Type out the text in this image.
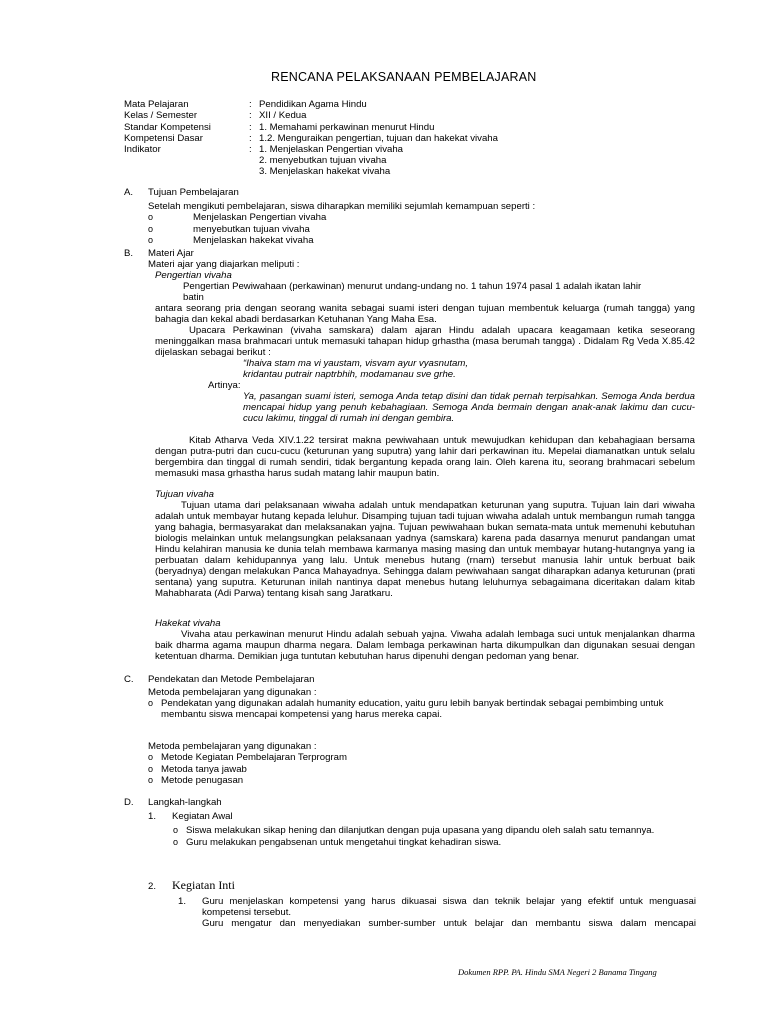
RENCANA PELAKSANAAN PEMBELAJARAN
Mata Pelajaran	: Pendidikan Agama Hindu
Kelas / Semester	: XII / Kedua
Standar Kompetensi	: 1. Memahami perkawinan menurut Hindu
Kompetensi Dasar	: 1.2. Menguraikan pengertian, tujuan dan hakekat vivaha
Indikator	: 1. Menjelaskan Pengertian vivaha
2. menyebutkan tujuan vivaha
3. Menjelaskan hakekat vivaha
A. Tujuan Pembelajaran
Setelah mengikuti pembelajaran, siswa diharapkan memiliki sejumlah kemampuan seperti :
o	Menjelaskan Pengertian vivaha
o	menyebutkan tujuan vivaha
o	Menjelaskan hakekat vivaha
B. Materi Ajar
Materi ajar yang diajarkan meliputi :
Pengertian vivaha
Pengertian Pewiwahaan (perkawinan) menurut undang-undang no. 1 tahun 1974 pasal 1 adalah ikatan lahir
batin
antara seorang pria dengan seorang wanita sebagai suami isteri dengan tujuan membentuk keluarga (rumah tangga) yang bahagia dan kekal abadi berdasarkan Ketuhanan Yang Maha Esa.
Upacara Perkawinan (vivaha samskara) dalam ajaran Hindu adalah upacara keagamaan ketika seseorang meninggalkan masa brahmacari untuk memasuki tahapan hidup grhastha (masa berumah tangga) . Didalam Rg Veda X.85.42 dijelaskan sebagai berikut :
“Ihaiva stam ma vi yaustam, visvam ayur vyasnutam,
kridantau putrair naptrbhih, modamanau sve grhe.
Artinya:
Ya, pasangan suami isteri, semoga Anda tetap disini dan tidak pernah terpisahkan. Semoga Anda berdua mencapai hidup yang penuh kebahagiaan. Semoga Anda bermain dengan anak-anak lakimu dan cucu-cucu lakimu, tinggal di rumah ini dengan gembira.
Kitab Atharva Veda XIV.1.22 tersirat makna pewiwahaan untuk mewujudkan kehidupan dan kebahagiaan bersama dengan putra-putri dan cucu-cucu (keturunan yang suputra) yang lahir dari perkawinan itu. Mepelai diamanatkan untuk selalu bergembira dan tinggal di rumah sendiri, tidak bergantung kepada orang lain. Oleh karena itu, seorang brahmacari sebelum memasuki masa grhastha harus sudah matang lahir maupun batin.
Tujuan vivaha
Tujuan utama dari pelaksanaan wiwaha adalah untuk mendapatkan keturunan yang suputra. Tujuan lain dari wiwaha adalah untuk membayar hutang kepada leluhur. Disamping tujuan tadi tujuan wiwaha adalah untuk membangun rumah tangga yang bahagia, bermasyarakat dan melaksanakan yajna. Tujuan pewiwahaan bukan semata-mata untuk memenuhi kebutuhan biologis melainkan untuk melangsungkan pelaksanaan yadnya (samskara) karena pada dasarnya menurut pandangan umat Hindu kelahiran manusia ke dunia telah membawa karmanya masing masing dan untuk membayar hutang-hutangnya yang ia perbuatan dalam kehidupannya yang lalu. Untuk menebus hutang (rnam) tersebut manusia lahir untuk berbuat baik (beryadnya) dengan melakukan Panca Mahayadnya. Sehingga dalam pewiwahaan sangat diharapkan adanya keturunan (prati sentana) yang suputra. Keturunan inilah nantinya dapat menebus hutang leluhurnya sebagaimana diceritakan dalam kitab Mahabharata (Adi Parwa) tentang kisah sang Jaratkaru.
Hakekat vivaha
Vivaha atau perkawinan menurut Hindu adalah sebuah yajna. Viwaha adalah lembaga suci untuk menjalankan dharma baik dharma agama maupun dharma negara. Dalam lembaga perkawinan harta dikumpulkan dan digunakan sesuai dengan ketentuan dharma. Demikian juga tuntutan kebutuhan harus dipenuhi dengan pedoman yang benar.
C. Pendekatan dan Metode Pembelajaran
Metoda pembelajaran yang digunakan :
o Pendekatan yang digunakan adalah humanity education, yaitu guru lebih banyak bertindak sebagai pembimbing untuk membantu siswa mencapai kompetensi yang harus mereka capai.
Metoda pembelajaran yang digunakan :
o Metode Kegiatan Pembelajaran Terprogram
o Metoda tanya jawab
o Metode penugasan
D. Langkah-langkah
1. Kegiatan Awal
o Siswa melakukan sikap hening dan dilanjutkan dengan puja upasana yang dipandu oleh salah satu temannya.
o Guru melakukan pengabsenan untuk mengetahui tingkat kehadiran siswa.
2. Kegiatan Inti
1. Guru menjelaskan kompetensi yang harus dikuasai siswa dan teknik belajar yang efektif untuk menguasai kompetensi tersebut.
Guru mengatur dan menyediakan sumber-sumber untuk belajar dan membantu siswa dalam mencapai
Dokumen RPP. PA. Hindu SMA Negeri 2 Banama Tingang
